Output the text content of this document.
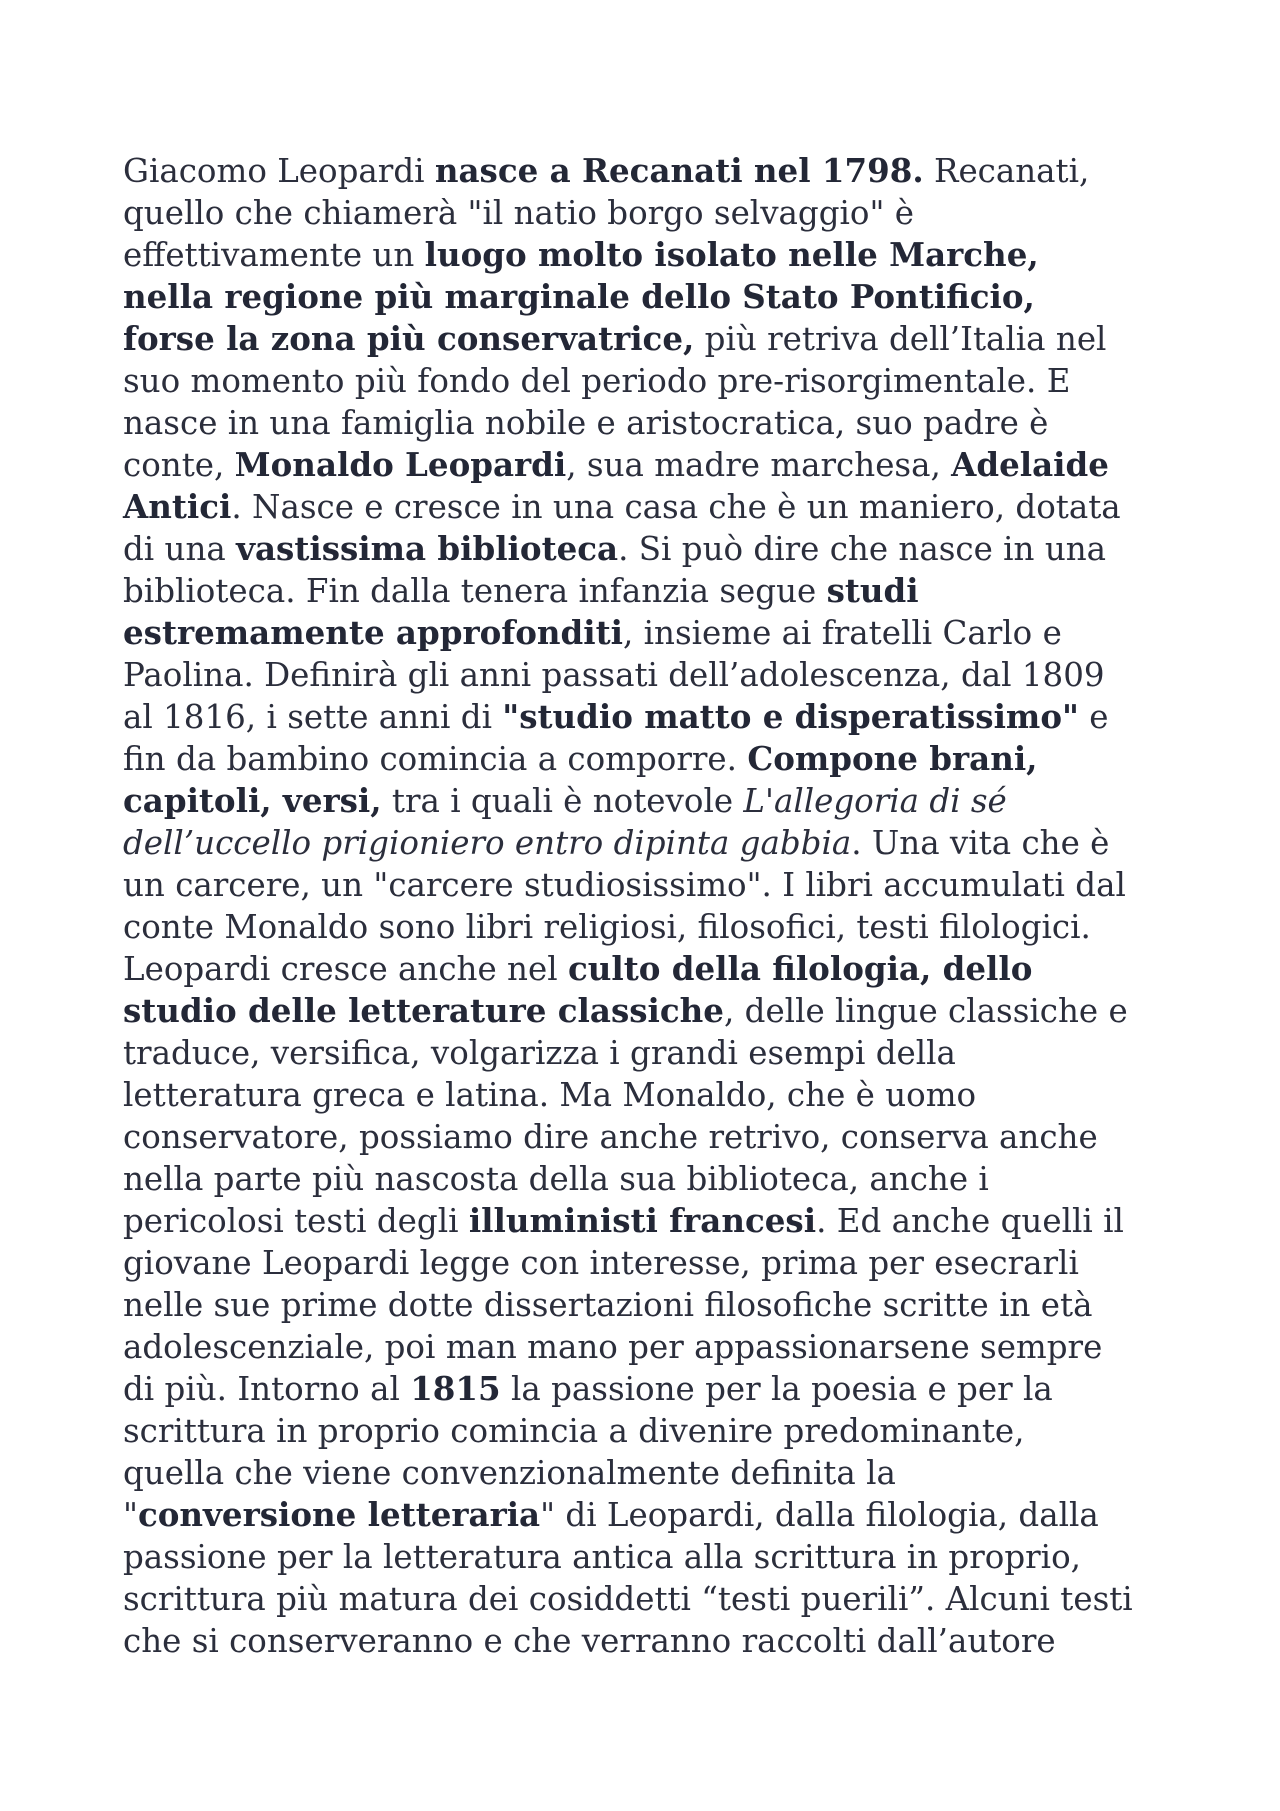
Giacomo Leopardi nasce a Recanati nel 1798. Recanati,
quello che chiamerà "il natio borgo selvaggio" è
effettivamente un luogo molto isolato nelle Marche,
nella regione più marginale dello Stato Pontificio,
forse la zona più conservatrice, più retriva dell’Italia nel
suo momento più fondo del periodo pre-risorgimentale. E
nasce in una famiglia nobile e aristocratica, suo padre è
conte, Monaldo Leopardi, sua madre marchesa, Adelaide
Antici. Nasce e cresce in una casa che è un maniero, dotata
di una vastissima biblioteca. Si può dire che nasce in una
biblioteca. Fin dalla tenera infanzia segue studi
estremamente approfonditi, insieme ai fratelli Carlo e
Paolina. Definirà gli anni passati dell’adolescenza, dal 1809
al 1816, i sette anni di "studio matto e disperatissimo" e
fin da bambino comincia a comporre. Compone brani,
capitoli, versi, tra i quali è notevole L'allegoria di sé
dell’uccello prigioniero entro dipinta gabbia. Una vita che è
un carcere, un "carcere studiosissimo". I libri accumulati dal
conte Monaldo sono libri religiosi, filosofici, testi filologici.
Leopardi cresce anche nel culto della filologia, dello
studio delle letterature classiche, delle lingue classiche e
traduce, versifica, volgarizza i grandi esempi della
letteratura greca e latina. Ma Monaldo, che è uomo
conservatore, possiamo dire anche retrivo, conserva anche
nella parte più nascosta della sua biblioteca, anche i
pericolosi testi degli illuministi francesi. Ed anche quelli il
giovane Leopardi legge con interesse, prima per esecrarli
nelle sue prime dotte dissertazioni filosofiche scritte in età
adolescenziale, poi man mano per appassionarsene sempre
di più. Intorno al 1815 la passione per la poesia e per la
scrittura in proprio comincia a divenire predominante,
quella che viene convenzionalmente definita la
"conversione letteraria" di Leopardi, dalla filologia, dalla
passione per la letteratura antica alla scrittura in proprio,
scrittura più matura dei cosiddetti “testi puerili”. Alcuni testi
che si conserveranno e che verranno raccolti dall’autore
